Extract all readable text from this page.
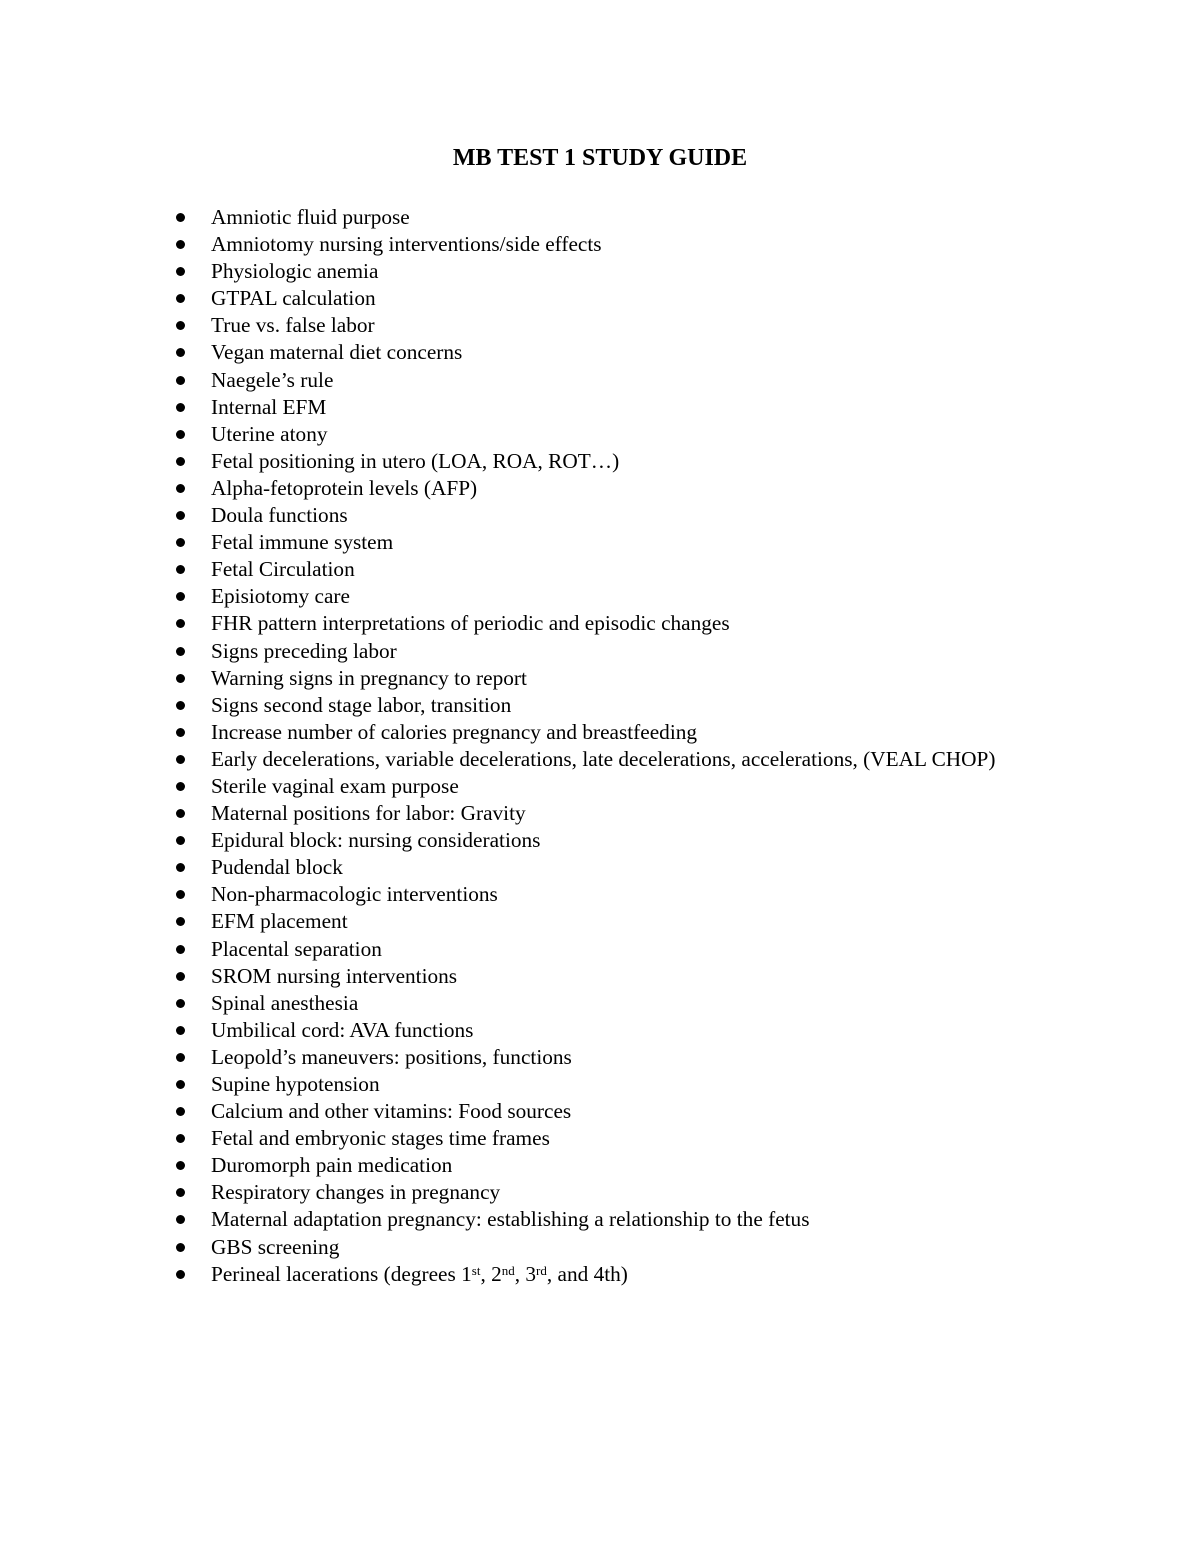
MB TEST 1 STUDY GUIDE
Amniotic fluid purpose
Amniotomy nursing interventions/side effects
Physiologic anemia
GTPAL calculation
True vs. false labor
Vegan maternal diet concerns
Naegele’s rule
Internal EFM
Uterine atony
Fetal positioning in utero (LOA, ROA, ROT…)
Alpha-fetoprotein levels (AFP)
Doula functions
Fetal immune system
Fetal Circulation
Episiotomy care
FHR pattern interpretations of periodic and episodic changes
Signs preceding labor
Warning signs in pregnancy to report
Signs second stage labor, transition
Increase number of calories pregnancy and breastfeeding
Early decelerations, variable decelerations, late decelerations, accelerations, (VEAL CHOP)
Sterile vaginal exam purpose
Maternal positions for labor: Gravity
Epidural block: nursing considerations
Pudendal block
Non-pharmacologic interventions
EFM placement
Placental separation
SROM nursing interventions
Spinal anesthesia
Umbilical cord: AVA functions
Leopold’s maneuvers: positions, functions
Supine hypotension
Calcium and other vitamins: Food sources
Fetal and embryonic stages time frames
Duromorph pain medication
Respiratory changes in pregnancy
Maternal adaptation pregnancy: establishing a relationship to the fetus
GBS screening
Perineal lacerations (degrees 1st, 2nd, 3rd, and 4th)
